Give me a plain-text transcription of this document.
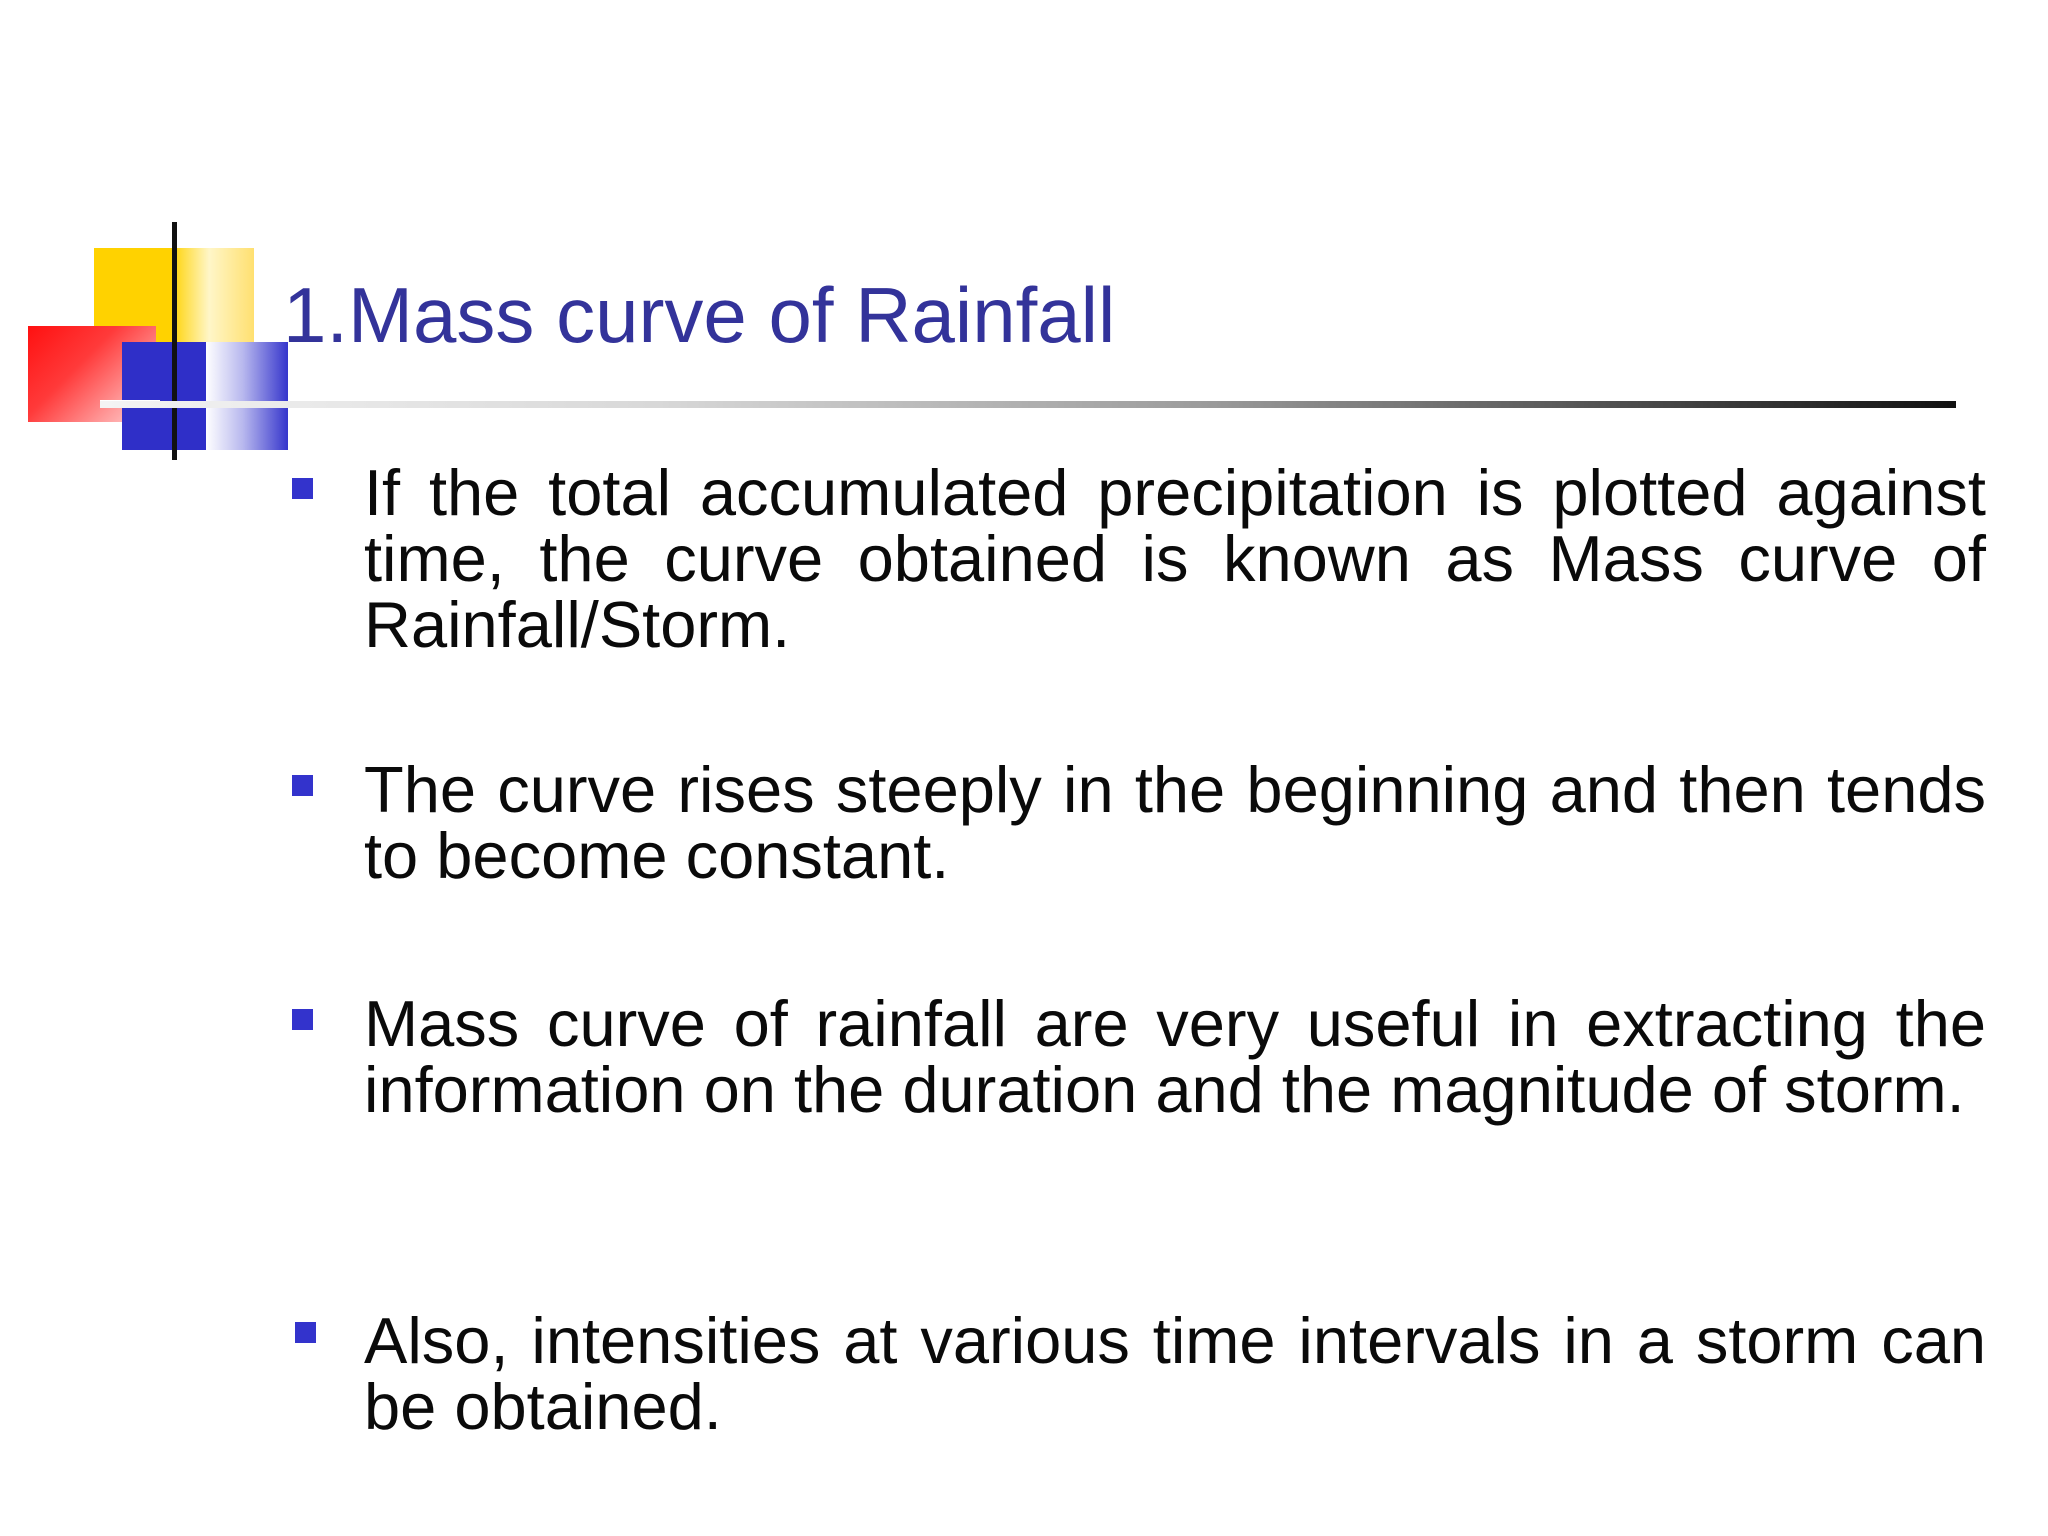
1.Mass curve of Rainfall

If the total accumulated precipitation is plotted against time, the curve obtained is known as Mass curve of Rainfall/Storm.

The curve rises steeply in the beginning and then tends to become constant.

Mass curve of rainfall are very useful in extracting the information on the duration and the magnitude of storm.

Also, intensities at various time intervals in a storm can be obtained.
